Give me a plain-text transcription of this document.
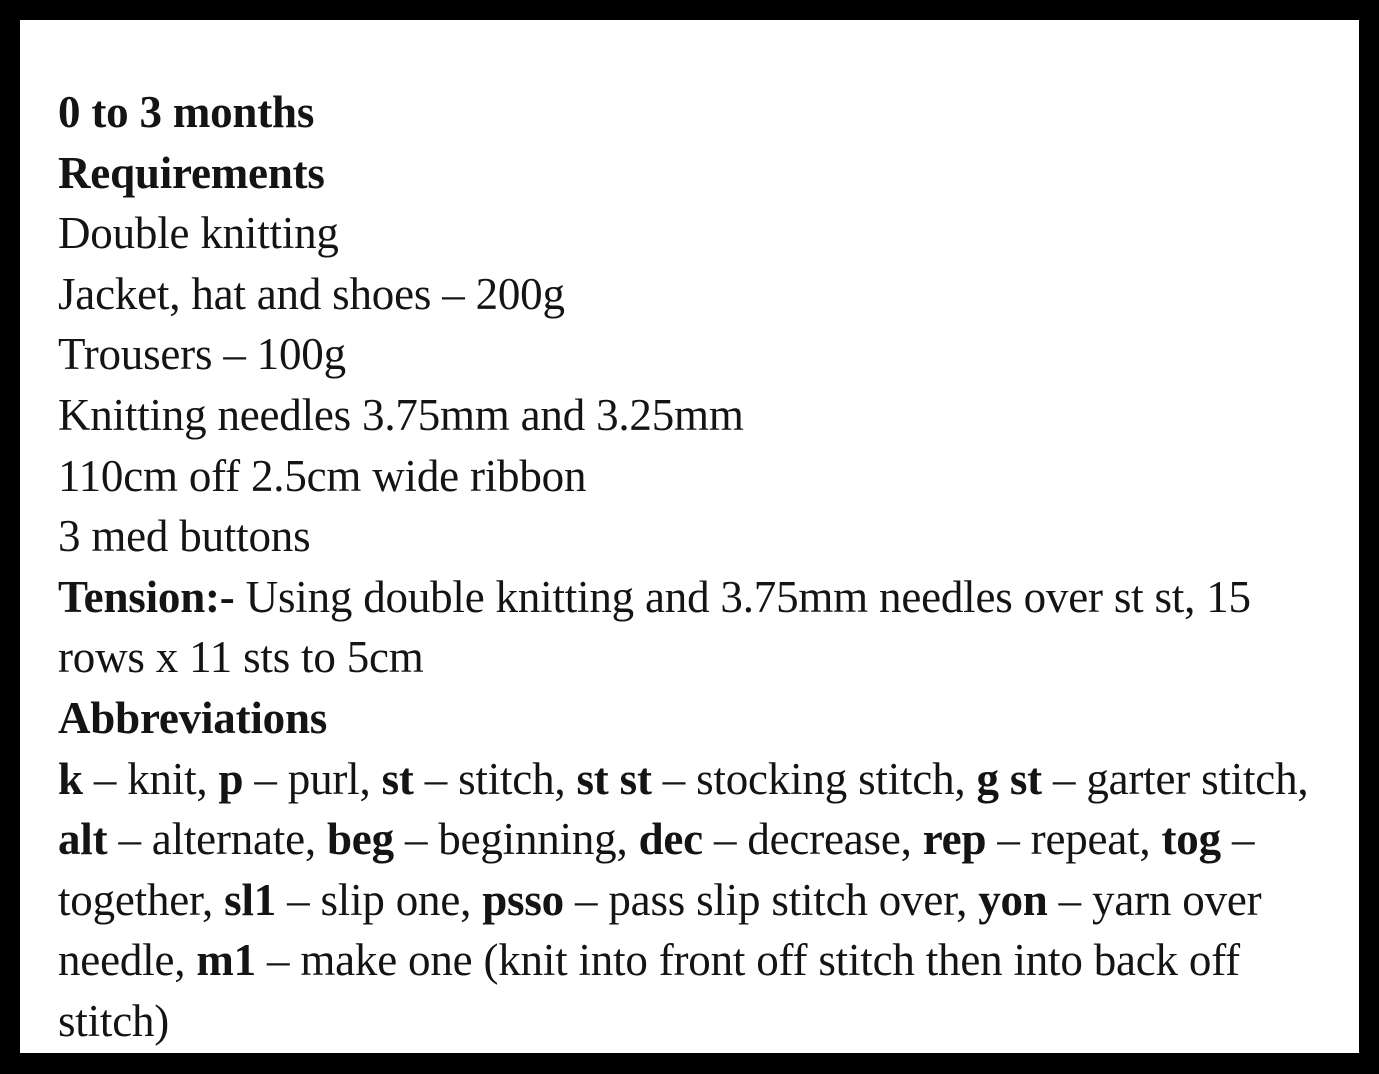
0 to 3 months
Requirements
Double knitting
Jacket, hat and shoes – 200g
Trousers – 100g
Knitting needles 3.75mm and 3.25mm
110cm off 2.5cm wide ribbon
3 med buttons
Tension:- Using double knitting and 3.75mm needles over st st, 15 rows x 11 sts to 5cm
Abbreviations
k – knit, p – purl, st – stitch, st st – stocking stitch, g st – garter stitch, alt – alternate, beg – beginning, dec – decrease, rep – repeat, tog – together, sl1 – slip one, psso – pass slip stitch over, yon – yarn over needle, m1 – make one (knit into front off stitch then into back off stitch)
